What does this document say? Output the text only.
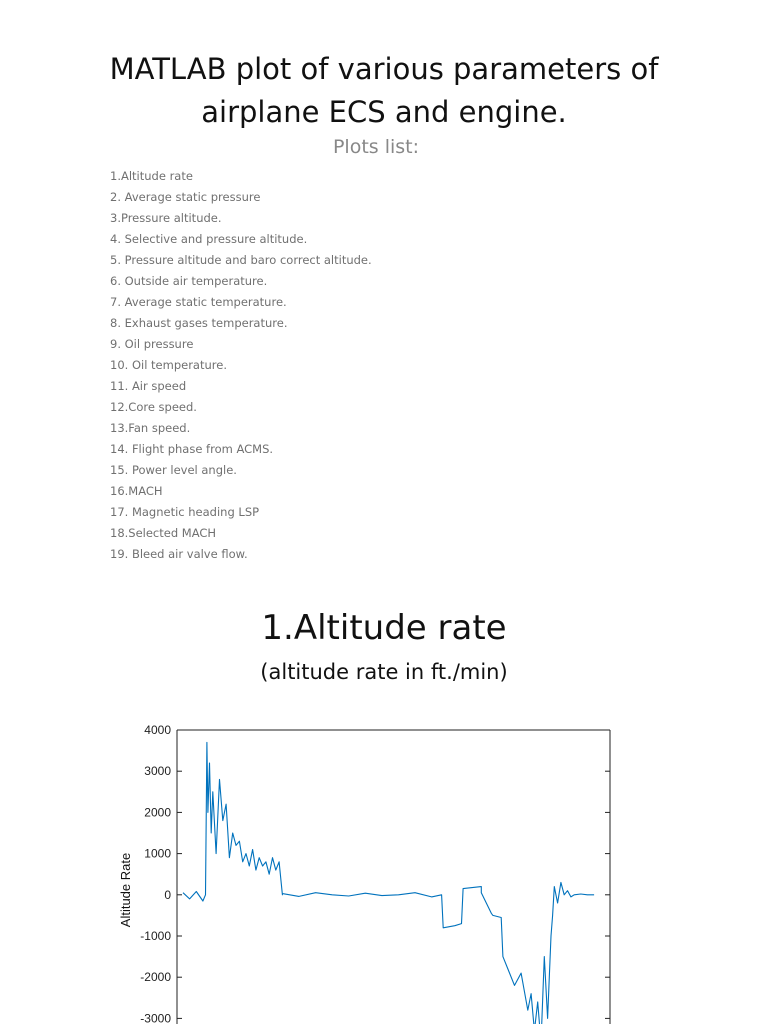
MATLAB plot of various parameters of
airplane ECS and engine.
Plots list:
1.Altitude rate
2. Average static pressure
3.Pressure altitude.
4. Selective and pressure altitude.
5. Pressure altitude and baro correct altitude.
6. Outside air temperature.
7. Average static temperature.
8. Exhaust gases temperature.
9. Oil pressure
10. Oil temperature.
11. Air speed
12.Core speed.
13.Fan speed.
14. Flight phase from ACMS.
15. Power level angle.
16.MACH
17. Magnetic heading LSP
18.Selected MACH
19. Bleed air valve flow.
1.Altitude rate
(altitude rate in ft./min)
4000
3000
2000
1000
0
-1000
-2000
-3000
Altitude Rate
